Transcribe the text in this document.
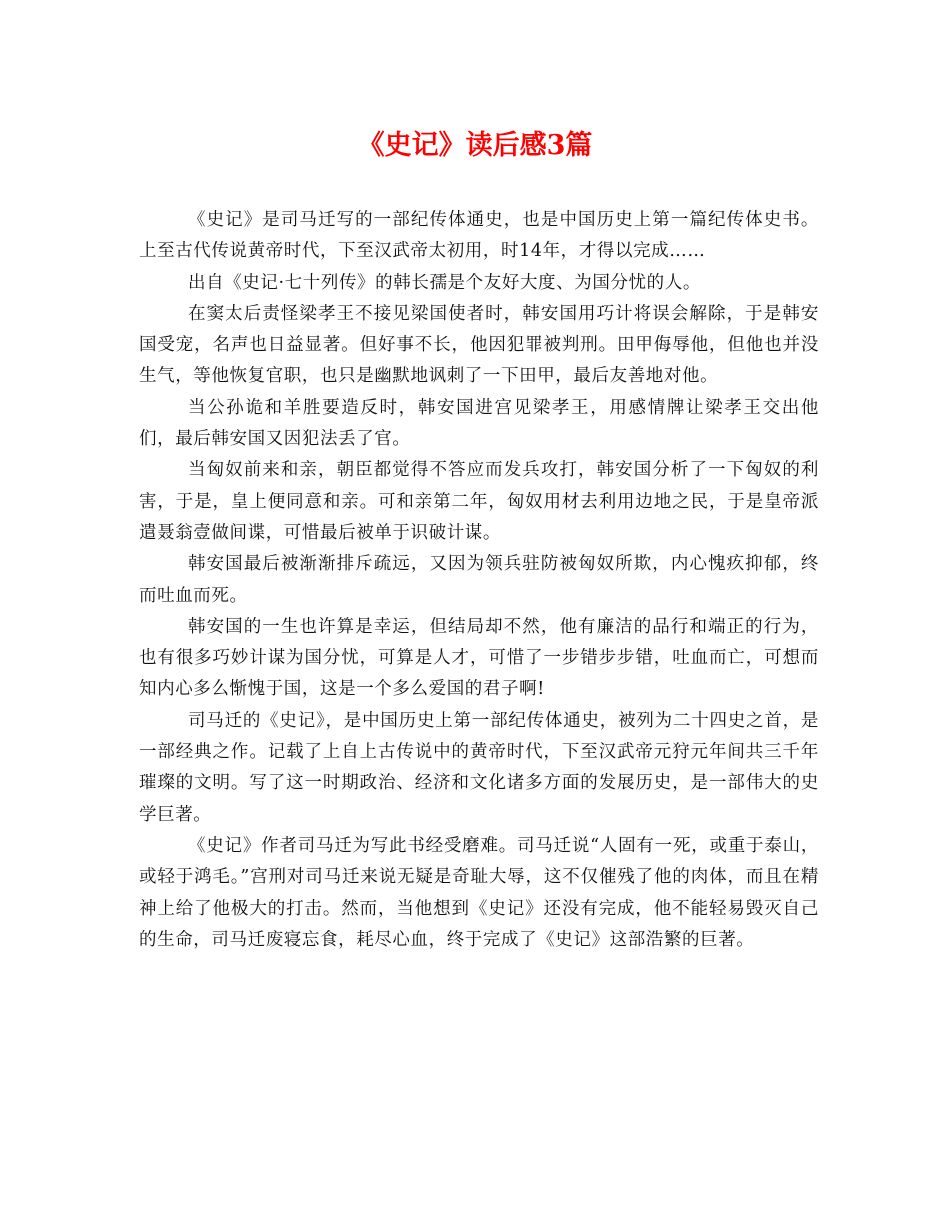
《史记》读后感3篇

《史记》是司马迁写的一部纪传体通史，也是中国历史上第一篇纪传体史书。上至古代传说黄帝时代，下至汉武帝太初用，时14年，才得以完成……

出自《史记·七十列传》的韩长孺是个友好大度、为国分忧的人。

在窦太后责怪梁孝王不接见梁国使者时，韩安国用巧计将误会解除，于是韩安国受宠，名声也日益显著。但好事不长，他因犯罪被判刑。田甲侮辱他，但他也并没生气，等他恢复官职，也只是幽默地讽刺了一下田甲，最后友善地对他。

当公孙诡和羊胜要造反时，韩安国进宫见梁孝王，用感情牌让梁孝王交出他们，最后韩安国又因犯法丢了官。

当匈奴前来和亲，朝臣都觉得不答应而发兵攻打，韩安国分析了一下匈奴的利害，于是，皇上便同意和亲。可和亲第二年，匈奴用材去利用边地之民，于是皇帝派遣聂翁壹做间谍，可惜最后被单于识破计谋。

韩安国最后被渐渐排斥疏远，又因为领兵驻防被匈奴所欺，内心愧疚抑郁，终而吐血而死。

韩安国的一生也许算是幸运，但结局却不然，他有廉洁的品行和端正的行为，也有很多巧妙计谋为国分忧，可算是人才，可惜了一步错步步错，吐血而亡，可想而知内心多么惭愧于国，这是一个多么爱国的君子啊!

司马迁的《史记》，是中国历史上第一部纪传体通史，被列为二十四史之首，是一部经典之作。记载了上自上古传说中的黄帝时代，下至汉武帝元狩元年间共三千年璀璨的文明。写了这一时期政治、经济和文化诸多方面的发展历史，是一部伟大的史学巨著。

《史记》作者司马迁为写此书经受磨难。司马迁说“人固有一死，或重于泰山，或轻于鸿毛。”宫刑对司马迁来说无疑是奇耻大辱，这不仅催残了他的肉体，而且在精神上给了他极大的打击。然而，当他想到《史记》还没有完成，他不能轻易毁灭自己的生命，司马迁废寝忘食，耗尽心血，终于完成了《史记》这部浩繁的巨著。
